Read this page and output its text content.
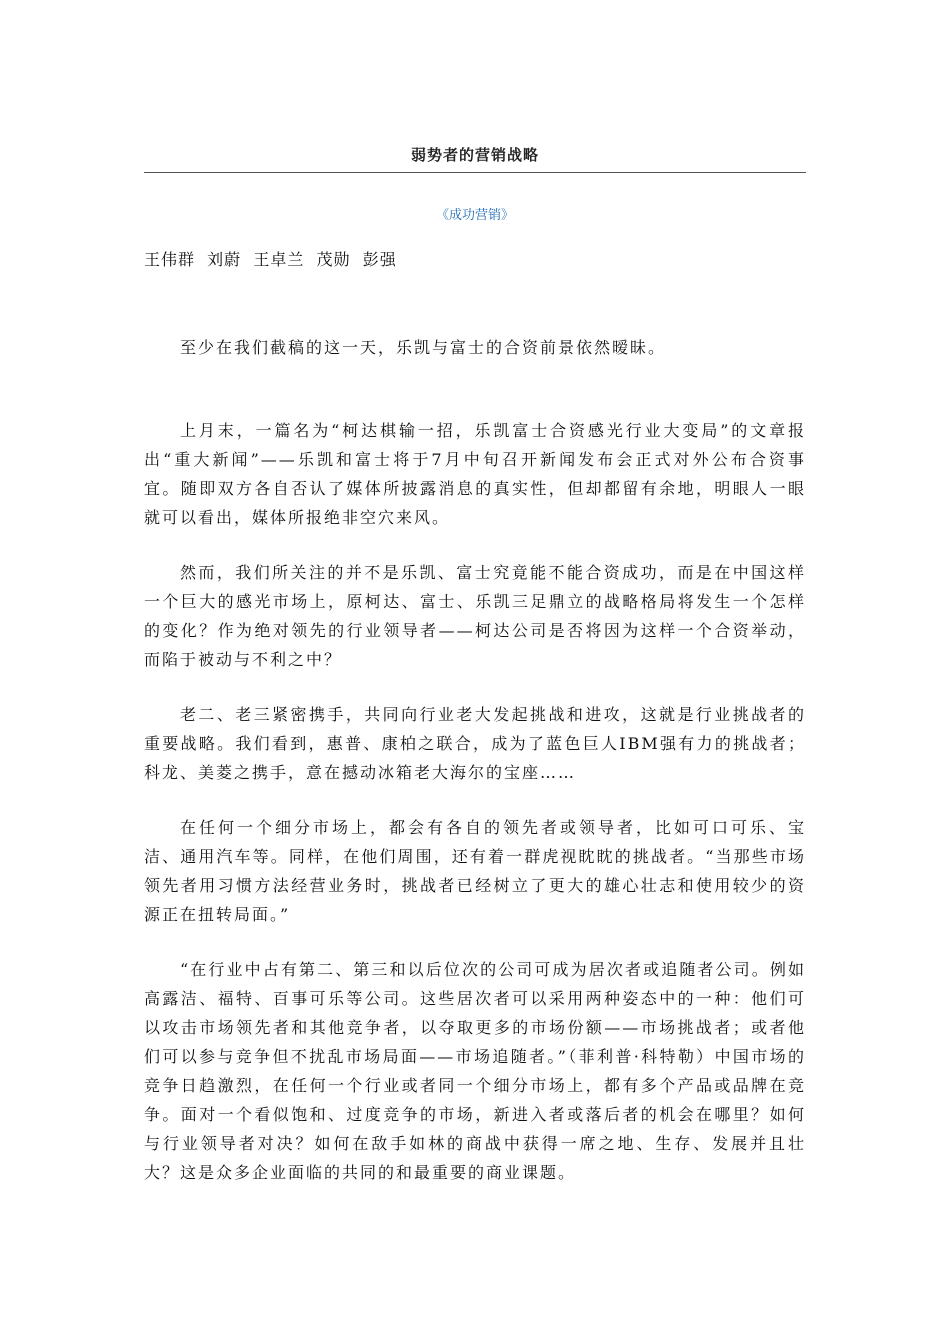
弱势者的营销战略
《成功营销》
王伟群  刘蔚  王卓兰  茂勋  彭强

至少在我们截稿的这一天，乐凯与富士的合资前景依然暧昧。

上月末，一篇名为“柯达棋输一招，乐凯富士合资感光行业大变局”的文章报出“重大新闻”——乐凯和富士将于7月中旬召开新闻发布会正式对外公布合资事宜。随即双方各自否认了媒体所披露消息的真实性，但却都留有余地，明眼人一眼就可以看出，媒体所报绝非空穴来风。

然而，我们所关注的并不是乐凯、富士究竟能不能合资成功，而是在中国这样一个巨大的感光市场上，原柯达、富士、乐凯三足鼎立的战略格局将发生一个怎样的变化？作为绝对领先的行业领导者——柯达公司是否将因为这样一个合资举动，而陷于被动与不利之中？

老二、老三紧密携手，共同向行业老大发起挑战和进攻，这就是行业挑战者的重要战略。我们看到，惠普、康柏之联合，成为了蓝色巨人IBM强有力的挑战者；科龙、美菱之携手，意在撼动冰箱老大海尔的宝座……

在任何一个细分市场上，都会有各自的领先者或领导者，比如可口可乐、宝洁、通用汽车等。同样，在他们周围，还有着一群虎视眈眈的挑战者。“当那些市场领先者用习惯方法经营业务时，挑战者已经树立了更大的雄心壮志和使用较少的资源正在扭转局面。”

“在行业中占有第二、第三和以后位次的公司可成为居次者或追随者公司。例如高露洁、福特、百事可乐等公司。这些居次者可以采用两种姿态中的一种：他们可以攻击市场领先者和其他竞争者，以夺取更多的市场份额——市场挑战者；或者他们可以参与竞争但不扰乱市场局面——市场追随者。”（菲利普·科特勒）中国市场的竞争日趋激烈，在任何一个行业或者同一个细分市场上，都有多个产品或品牌在竞争。面对一个看似饱和、过度竞争的市场，新进入者或落后者的机会在哪里？如何与行业领导者对决？如何在敌手如林的商战中获得一席之地、生存、发展并且壮大？这是众多企业面临的共同的和最重要的商业课题。
